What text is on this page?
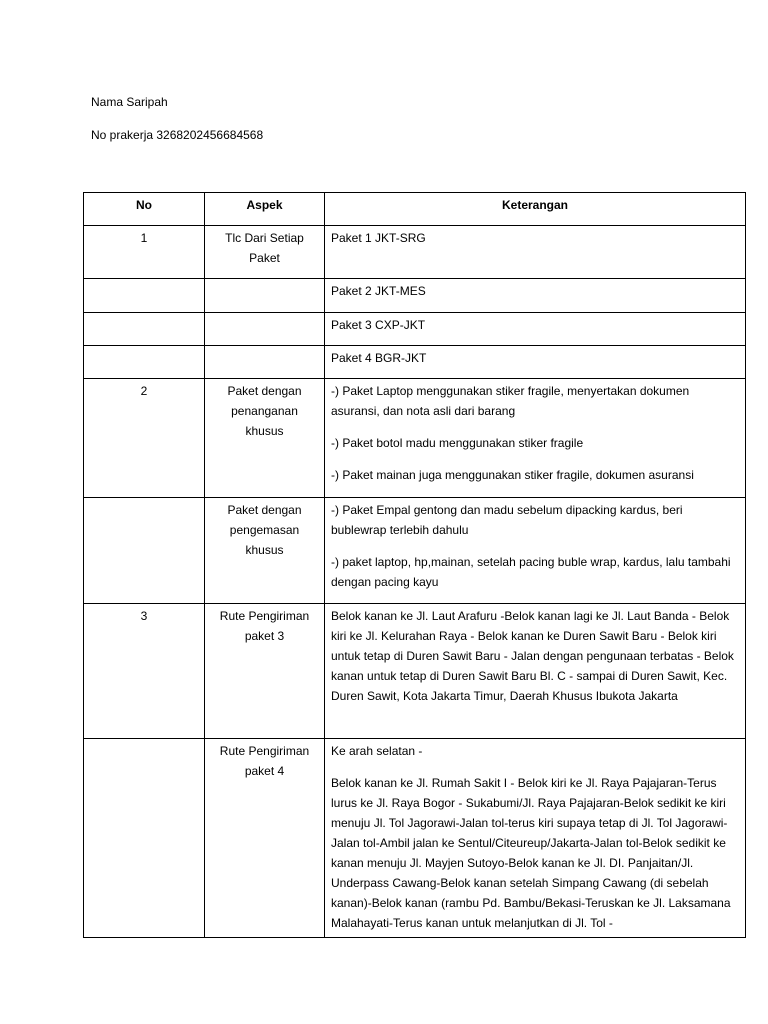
Nama Saripah
No prakerja 3268202456684568
No	Aspek	Keterangan
1	Tlc Dari Setiap Paket	Paket 1 JKT-SRG

		Paket 2 JKT-MES

		Paket 3 CXP-JKT

		Paket 4 BGR-JKT

2	Paket dengan penanganan khusus	-) Paket Laptop menggunakan stiker fragile, menyertakan dokumen asuransi, dan nota asli dari barang
-) Paket botol madu menggunakan stiker fragile
-) Paket mainan juga menggunakan stiker fragile, dokumen asuransi

	Paket dengan pengemasan khusus	-) Paket Empal gentong dan madu sebelum dipacking kardus, beri bublewrap terlebih dahulu
-) paket laptop, hp,mainan, setelah pacing buble wrap, kardus, lalu tambahi dengan pacing kayu

3	Rute Pengiriman paket 3	Belok kanan ke Jl. Laut Arafuru -Belok kanan lagi ke Jl. Laut Banda - Belok kiri ke Jl. Kelurahan Raya - Belok kanan ke Duren Sawit Baru - Belok kiri untuk tetap di Duren Sawit Baru - Jalan dengan pengunaan terbatas - Belok kanan untuk tetap di Duren Sawit Baru Bl. C - sampai di Duren Sawit, Kec. Duren Sawit, Kota Jakarta Timur, Daerah Khusus Ibukota Jakarta

	Rute Pengiriman paket 4	Ke arah selatan -
Belok kanan ke Jl. Rumah Sakit I - Belok kiri ke Jl. Raya Pajajaran-Terus lurus ke Jl. Raya Bogor - Sukabumi/Jl. Raya Pajajaran-Belok sedikit ke kiri menuju Jl. Tol Jagorawi-Jalan tol-terus kiri supaya tetap di Jl. Tol Jagorawi-Jalan tol-Ambil jalan ke Sentul/Citeureup/Jakarta-Jalan tol-Belok sedikit ke kanan menuju Jl. Mayjen Sutoyo-Belok kanan ke Jl. DI. Panjaitan/Jl. Underpass Cawang-Belok kanan setelah Simpang Cawang (di sebelah kanan)-Belok kanan (rambu Pd. Bambu/Bekasi-Teruskan ke Jl. Laksamana Malahayati-Terus kanan untuk melanjutkan di Jl. Tol -
